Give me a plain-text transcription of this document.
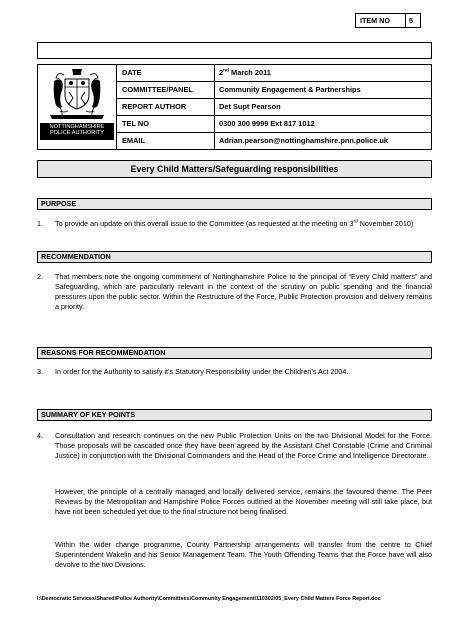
ITEM NO	5
NOTTINGHAMSHIRE
POLICE AUTHORITY
DATE	2nd March 2011
COMMITTEE/PANEL	Community Engagement & Partnerships
REPORT AUTHOR	Det Supt Pearson
TEL NO	0300 300 9999 Ext 817 1012
EMAIL	Adrian.pearson@nottinghamshire.pnn.police.uk
Every Child Matters/Safeguarding responsibilities
PURPOSE
1. To provide an update on this overall issue to the Committee (as requested at the meeting on 3rd November 2010)
RECOMMENDATION
2. That members note the ongoing commitment of Nottinghamshire Police to the principal of “Every Child matters” and Safeguarding, which are particularly relevant in the context of the scrutiny on public spending and the financial pressures upon the public sector. Within the Restructure of the Force, Public Protection provision and delivery remains a priority.
REASONS FOR RECOMMENDATION
3. In order for the Authority to satisfy it’s Statutory Responsibility under the Children’s Act 2004.
SUMMARY OF KEY POINTS
4. Consultation and research continues on the new Public Protection Units on the two Divisional Model for the Force. Those proposals will be cascaded once they have been agreed by the Assistant Chef Constable (Crime and Criminal Justice) in conjunction with the Divisional Commanders and the Head of the Force Crime and Intelligence Directorate.
However, the principle of a centrally managed and locally delivered service, remains the favoured theme. The Peer Reviews by the Metropolitan and Hampshire Police Forces outlined at the November meeting will still take place, but have not been scheduled yet due to the final structure not being finalised.
Within the wider change programme, County Partnership arrangements will transfer from the centre to Chief Superintendent Wakelin and his Senior Management Team. The Youth Offending Teams that the Force have will also devolve to the two Divisions.
I:\Democratic Services\Shared\Police Authority\Committees\Community Engagement\110302\05_Every Child Matters Force Report.doc
